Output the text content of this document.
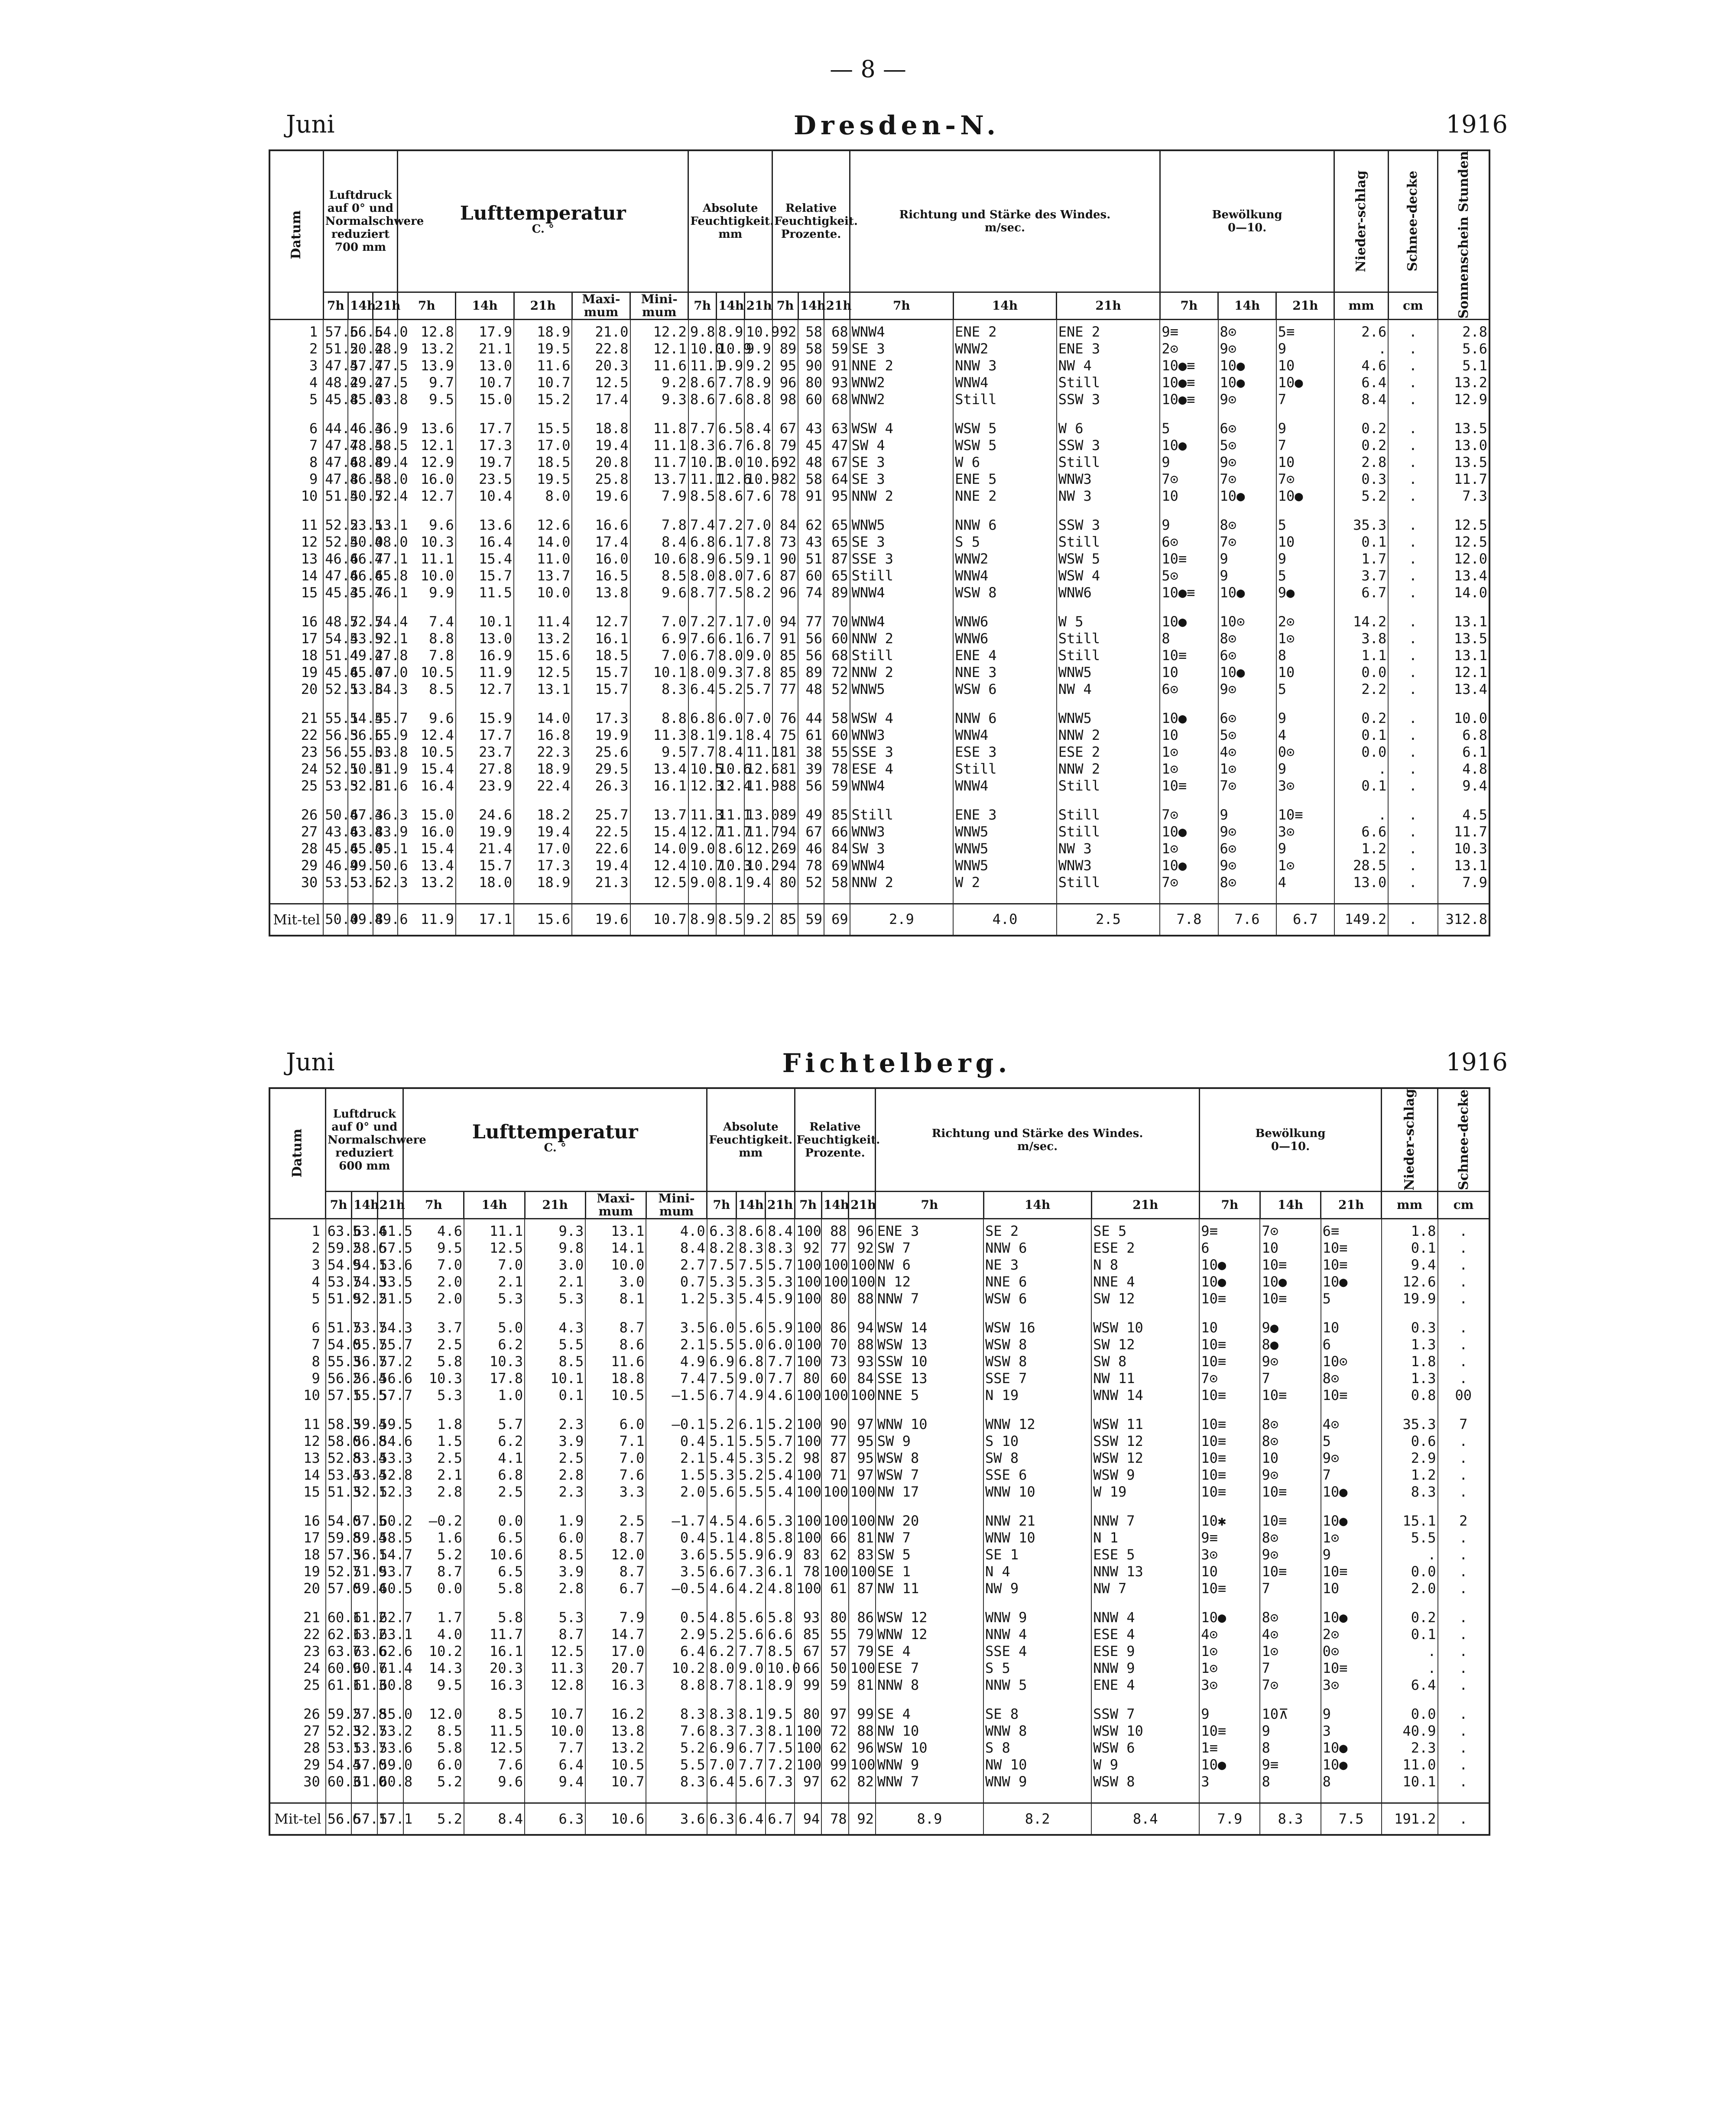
— 8 —
Juni	Dresden-N.	1916
Datum	Luftdruck auf 0° und Normalschwere reduziert
700 mm			Lufttemperatur
C. °					Absolute Feuchtigkeit.
mm			Relative Feuchtigkeit.
Prozente.			Richtung und Stärke des Windes.
m/sec.			Bewölkung
0—10.			Nieder-schlag	Schnee-decke	Sonnenschein Stunden
	7h	14h	21h	7h	14h	21h	Maxi-mum	Mini-mum	7h	14h	21h	7h	14h	21h	7h	14h	21h	7h	14h	21h	mm	cm	
1	57.6	56.6	54.0	12.8	17.9	18.9	21.0	12.2	9.8	8.9	10.9	92	58	68	WNW4	ENE 2	ENE 2	9≡	8⊙	5≡	2.6	.	2.8
2	51.2	50.2	48.9	13.2	21.1	19.5	22.8	12.1	10.0	10.9	9.9	89	58	59	SE 3	WNW2	ENE 3	2⊙	9⊙	9	.	.	5.6
3	47.5	47.7	47.5	13.9	13.0	11.6	20.3	11.6	11.1	9.9	9.2	95	90	91	NNE 2	NNW 3	NW 4	10●≡	10●	10	4.6	.	5.1
4	48.2	49.2	47.5	9.7	10.7	10.7	12.5	9.2	8.6	7.7	8.9	96	80	93	WNW2	WNW4	Still	10●≡	10●	10●	6.4	.	13.2
5	45.8	45.0	43.8	9.5	15.0	15.2	17.4	9.3	8.6	7.6	8.8	98	60	68	WNW2	Still	SSW 3	10●≡	9⊙	7	8.4	.	12.9

6	44.4	46.3	46.9	13.6	17.7	15.5	18.8	11.8	7.7	6.5	8.4	67	43	63	WSW 4	WSW 5	W 6	5	6⊙	9	0.2	.	13.5
7	47.7	48.5	48.5	12.1	17.3	17.0	19.4	11.1	8.3	6.7	6.8	79	45	47	SW 4	WSW 5	SSW 3	10●	5⊙	7	0.2	.	13.0
8	47.6	48.8	49.4	12.9	19.7	18.5	20.8	11.7	10.1	8.0	10.6	92	48	67	SE 3	W 6	Still	9	9⊙	10	2.8	.	13.5
9	47.8	46.5	48.0	16.0	23.5	19.5	25.8	13.7	11.1	12.6	10.9	82	58	64	SE 3	ENE 5	WNW3	7⊙	7⊙	7⊙	0.3	.	11.7
10	51.4	50.7	52.4	12.7	10.4	8.0	19.6	7.9	8.5	8.6	7.6	78	91	95	NNW 2	NNE 2	NW 3	10	10●	10●	5.2	.	7.3

11	52.2	53.1	53.1	9.6	13.6	12.6	16.6	7.8	7.4	7.2	7.0	84	62	65	WNW5	NNW 6	SSW 3	9	8⊙	5	35.3	.	12.5
12	52.4	50.0	48.0	10.3	16.4	14.0	17.4	8.4	6.8	6.1	7.8	73	43	65	SE 3	S 5	Still	6⊙	7⊙	10	0.1	.	12.5
13	46.6	46.7	47.1	11.1	15.4	11.0	16.0	10.6	8.9	6.5	9.1	90	51	87	SSE 3	WNW2	WSW 5	10≡	9	9	1.7	.	12.0
14	47.6	46.6	45.8	10.0	15.7	13.7	16.5	8.5	8.0	8.0	7.6	87	60	65	Still	WNW4	WSW 4	5⊙	9	5	3.7	.	13.4
15	45.3	45.7	46.1	9.9	11.5	10.0	13.8	9.6	8.7	7.5	8.2	96	74	89	WNW4	WSW 8	WNW6	10●≡	10●	9●	6.7	.	14.0

16	48.7	52.7	54.4	7.4	10.1	11.4	12.7	7.0	7.2	7.1	7.0	94	77	70	WNW4	WNW6	W 5	10●	10⊙	2⊙	14.2	.	13.1
17	54.4	53.9	52.1	8.8	13.0	13.2	16.1	6.9	7.6	6.1	6.7	91	56	60	NNW 2	WNW6	Still	8	8⊙	1⊙	3.8	.	13.5
18	51.4	49.2	47.8	7.8	16.9	15.6	18.5	7.0	6.7	8.0	9.0	85	56	68	Still	ENE 4	Still	10≡	6⊙	8	1.1	.	13.1
19	45.6	45.0	47.0	10.5	11.9	12.5	15.7	10.1	8.0	9.3	7.8	85	89	72	NNW 2	NNE 3	WNW5	10	10●	10	0.0	.	12.1
20	52.1	53.8	54.3	8.5	12.7	13.1	15.7	8.3	6.4	5.2	5.7	77	48	52	WNW5	WSW 6	NW 4	6⊙	9⊙	5	2.2	.	13.4

21	55.1	54.4	55.7	9.6	15.9	14.0	17.3	8.8	6.8	6.0	7.0	76	44	58	WSW 4	NNW 6	WNW5	10●	6⊙	9	0.2	.	10.0
22	56.3	56.6	55.9	12.4	17.7	16.8	19.9	11.3	8.1	9.1	8.4	75	61	60	WNW3	WNW4	NNW 2	10	5⊙	4	0.1	.	6.8
23	56.5	55.0	53.8	10.5	23.7	22.3	25.6	9.5	7.7	8.4	11.1	81	38	55	SSE 3	ESE 3	ESE 2	1⊙	4⊙	0⊙	0.0	.	6.1
24	52.1	50.4	51.9	15.4	27.8	18.9	29.5	13.4	10.5	10.6	12.6	81	39	78	ESE 4	Still	NNW 2	1⊙	1⊙	9	.	.	4.8
25	53.3	52.8	51.6	16.4	23.9	22.4	26.3	16.1	12.3	12.4	11.9	88	56	59	WNW4	WNW4	Still	10≡	7⊙	3⊙	0.1	.	9.4

26	50.6	47.3	46.3	15.0	24.6	18.2	25.7	13.7	11.3	11.1	13.0	89	49	85	Still	ENE 3	Still	7⊙	9	10≡	.	.	4.5
27	43.6	43.8	43.9	16.0	19.9	19.4	22.5	15.4	12.7	11.7	11.7	94	67	66	WNW3	WNW5	Still	10●	9⊙	3⊙	6.6	.	11.7
28	45.6	45.0	45.1	15.4	21.4	17.0	22.6	14.0	9.0	8.6	12.2	69	46	84	SW 3	WNW5	NW 3	1⊙	6⊙	9	1.2	.	10.3
29	46.9	49.5	50.6	13.4	15.7	17.3	19.4	12.4	10.7	10.3	10.2	94	78	69	WNW4	WNW5	WNW3	10●	9⊙	1⊙	28.5	.	13.1
30	53.5	53.6	52.3	13.2	18.0	18.9	21.3	12.5	9.0	8.1	9.4	80	52	58	NNW 2	W 2	Still	7⊙	8⊙	4	13.0	.	7.9

Mit-tel	50.0	49.8	49.6	11.9	17.1	15.6	19.6	10.7	8.9	8.5	9.2	85	59	69	2.9	4.0	2.5	7.8	7.6	6.7	149.2	.	312.8
Juni	Fichtelberg.	1916
Datum	Luftdruck auf 0° und Normalschwere reduziert
600 mm			Lufttemperatur
C. °					Absolute Feuchtigkeit.
mm			Relative Feuchtigkeit.
Prozente.			Richtung und Stärke des Windes.
m/sec.			Bewölkung
0—10.			Nieder-schlag	Schnee-decke
	7h	14h	21h	7h	14h	21h	Maxi-mum	Mini-mum	7h	14h	21h	7h	14h	21h	7h	14h	21h	7h	14h	21h	mm	cm
1	63.5	63.4	61.5	4.6	11.1	9.3	13.1	4.0	6.3	8.6	8.4	100	88	96	ENE 3	SE 2	SE 5	9≡	7⊙	6≡	1.8	.
2	59.2	58.6	57.5	9.5	12.5	9.8	14.1	8.4	8.2	8.3	8.3	92	77	92	SW 7	NNW 6	ESE 2	6	10	10≡	0.1	.
3	54.9	54.1	53.6	7.0	7.0	3.0	10.0	2.7	7.5	7.5	5.7	100	100	100	NW 6	NE 3	N 8	10●	10≡	10≡	9.4	.
4	53.7	54.3	53.5	2.0	2.1	2.1	3.0	0.7	5.3	5.3	5.3	100	100	100	N 12	NNE 6	NNE 4	10●	10●	10●	12.6	.
5	51.9	52.2	51.5	2.0	5.3	5.3	8.1	1.2	5.3	5.4	5.9	100	80	88	NNW 7	WSW 6	SW 12	10≡	10≡	5	19.9	.

6	51.7	53.7	54.3	3.7	5.0	4.3	8.7	3.5	6.0	5.6	5.9	100	86	94	WSW 14	WSW 16	WSW 10	10	9●	10	0.3	.
7	54.0	55.7	55.7	2.5	6.2	5.5	8.6	2.1	5.5	5.0	6.0	100	70	88	WSW 13	WSW 8	SW 12	10≡	8●	6	1.3	.
8	55.3	56.7	57.2	5.8	10.3	8.5	11.6	4.9	6.9	6.8	7.7	100	73	93	SSW 10	WSW 8	SW 8	10≡	9⊙	10⊙	1.8	.
9	56.2	56.4	56.6	10.3	17.8	10.1	18.8	7.4	7.5	9.0	7.7	80	60	84	SSE 13	SSE 7	NW 11	7⊙	7	8⊙	1.3	.
10	57.1	55.5	57.7	5.3	1.0	0.1	10.5	—1.5	6.7	4.9	4.6	100	100	100	NNE 5	N 19	WNW 14	10≡	10≡	10≡	0.8	00

11	58.3	59.4	59.5	1.8	5.7	2.3	6.0	—0.1	5.2	6.1	5.2	100	90	97	WNW 10	WNW 12	WSW 11	10≡	8⊙	4⊙	35.3	7
12	58.0	56.8	54.6	1.5	6.2	3.9	7.1	0.4	5.1	5.5	5.7	100	77	95	SW 9	S 10	SSW 12	10≡	8⊙	5	0.6	.
13	52.8	53.4	53.3	2.5	4.1	2.5	7.0	2.1	5.4	5.3	5.2	98	87	95	WSW 8	SW 8	WSW 12	10≡	10	9⊙	2.9	.
14	53.4	53.4	52.8	2.1	6.8	2.8	7.6	1.5	5.3	5.2	5.4	100	71	97	WSW 7	SSE 6	WSW 9	10≡	9⊙	7	1.2	.
15	51.3	52.1	52.3	2.8	2.5	2.3	3.3	2.0	5.6	5.5	5.4	100	100	100	NW 17	WNW 10	W 19	10≡	10≡	10●	8.3	.

16	54.0	57.5	60.2	—0.2	0.0	1.9	2.5	—1.7	4.5	4.6	5.3	100	100	100	NW 20	NNW 21	NNW 7	10✱	10≡	10●	15.1	2
17	59.8	59.4	58.5	1.6	6.5	6.0	8.7	0.4	5.1	4.8	5.8	100	66	81	NW 7	WNW 10	N 1	9≡	8⊙	1⊙	5.5	.
18	57.3	56.1	54.7	5.2	10.6	8.5	12.0	3.6	5.5	5.9	6.9	83	62	83	SW 5	SE 1	ESE 5	3⊙	9⊙	9	.	.
19	52.7	51.9	53.7	8.7	6.5	3.9	8.7	3.5	6.6	7.3	6.1	78	100	100	SE 1	N 4	NNW 13	10	10≡	10≡	0.0	.
20	57.0	59.4	60.5	0.0	5.8	2.8	6.7	—0.5	4.6	4.2	4.8	100	61	87	NW 11	NW 9	NW 7	10≡	7	10	2.0	.

21	60.1	61.2	62.7	1.7	5.8	5.3	7.9	0.5	4.8	5.6	5.8	93	80	86	WSW 12	WNW 9	NNW 4	10●	8⊙	10●	0.2	.
22	62.1	63.2	63.1	4.0	11.7	8.7	14.7	2.9	5.2	5.6	6.6	85	55	79	WNW 12	NNW 4	ESE 4	4⊙	4⊙	2⊙	0.1	.
23	63.7	63.6	62.6	10.2	16.1	12.5	17.0	6.4	6.2	7.7	8.5	67	57	79	SE 4	SSE 4	ESE 9	1⊙	1⊙	0⊙	.	.
24	60.9	60.7	61.4	14.3	20.3	11.3	20.7	10.2	8.0	9.0	10.0	66	50	100	ESE 7	S 5	NNW 9	1⊙	7	10≡	.	.
25	61.1	61.3	60.8	9.5	16.3	12.8	16.3	8.8	8.7	8.1	8.9	99	59	81	NNW 8	NNW 5	ENE 4	3⊙	7⊙	3⊙	6.4	.

26	59.2	57.8	55.0	12.0	8.5	10.7	16.2	8.3	8.3	8.1	9.5	80	97	99	SE 4	SE 8	SSW 7	9	10⊼	9	0.0	.
27	52.3	52.7	53.2	8.5	11.5	10.0	13.8	7.6	8.3	7.3	8.1	100	72	88	NW 10	WNW 8	WSW 10	10≡	9	3	40.9	.
28	53.1	53.7	53.6	5.8	12.5	7.7	13.2	5.2	6.9	6.7	7.5	100	62	96	WSW 10	S 8	WSW 6	1≡	8	10●	2.3	.
29	54.4	57.0	59.0	6.0	7.6	6.4	10.5	5.5	7.0	7.7	7.2	100	99	100	WNW 9	NW 10	W 9	10●	9≡	10●	11.0	.
30	60.3	61.0	60.8	5.2	9.6	9.4	10.7	8.3	6.4	5.6	7.3	97	62	82	WNW 7	WNW 9	WSW 8	3	8	8	10.1	.

Mit-tel	56.6	57.1	57.1	5.2	8.4	6.3	10.6	3.6	6.3	6.4	6.7	94	78	92	8.9	8.2	8.4	7.9	8.3	7.5	191.2	.
